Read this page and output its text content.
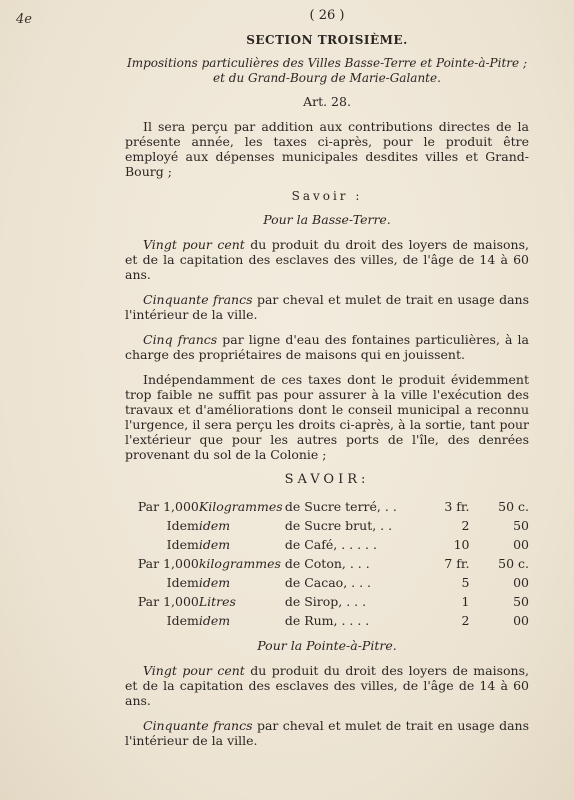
4e	( 26 )
SECTION TROISIÈME.
Impositions particulières des Villes Basse-Terre et Pointe-à-Pitre ;
et du Grand-Bourg de Marie-Galante.
Art. 28.

Il sera perçu par addition aux contributions directes de la présente année, les taxes ci-après, pour le produit être employé aux dépenses municipales desdites villes et Grand-Bourg ;

Savoir :
Pour la Basse-Terre.

Vingt pour cent du produit du droit des loyers de maisons, et de la capitation des esclaves des villes, de l'âge de 14 à 60 ans.

Cinquante francs par cheval et mulet de trait en usage dans l'intérieur de la ville.

Cinq francs par ligne d'eau des fontaines particulières, à la charge des propriétaires de maisons qui en jouissent.

Indépendamment de ces taxes dont le produit évidemment trop faible ne suffit pas pour assurer à la ville l'exécution des travaux et d'améliorations dont le conseil municipal a reconnu l'urgence, il sera perçu les droits ci-après, à la sortie, tant pour l'extérieur que pour les autres ports de l'île, des denrées provenant du sol de la Colonie ;

SAVOIR:
Par 1,000	Kilogrammes	de Sucre terré, . .	3 fr.	50 c.
Idem	idem	de Sucre brut, . .	2	50
Idem	idem	de Café, . . . . .	10	00
Par 1,000	kilogrammes	de Coton, . . .	7 fr.	50 c.
Idem	idem	de Cacao, . . .	5	00
Par 1,000	Litres	de Sirop, . . .	1	50
Idem	idem	de Rum, . . . .	2	00
Pour la Pointe-à-Pitre.

Vingt pour cent du produit du droit des loyers de maisons, et de la capitation des esclaves des villes, de l'âge de 14 à 60 ans.

Cinquante francs par cheval et mulet de trait en usage dans l'intérieur de la ville.
